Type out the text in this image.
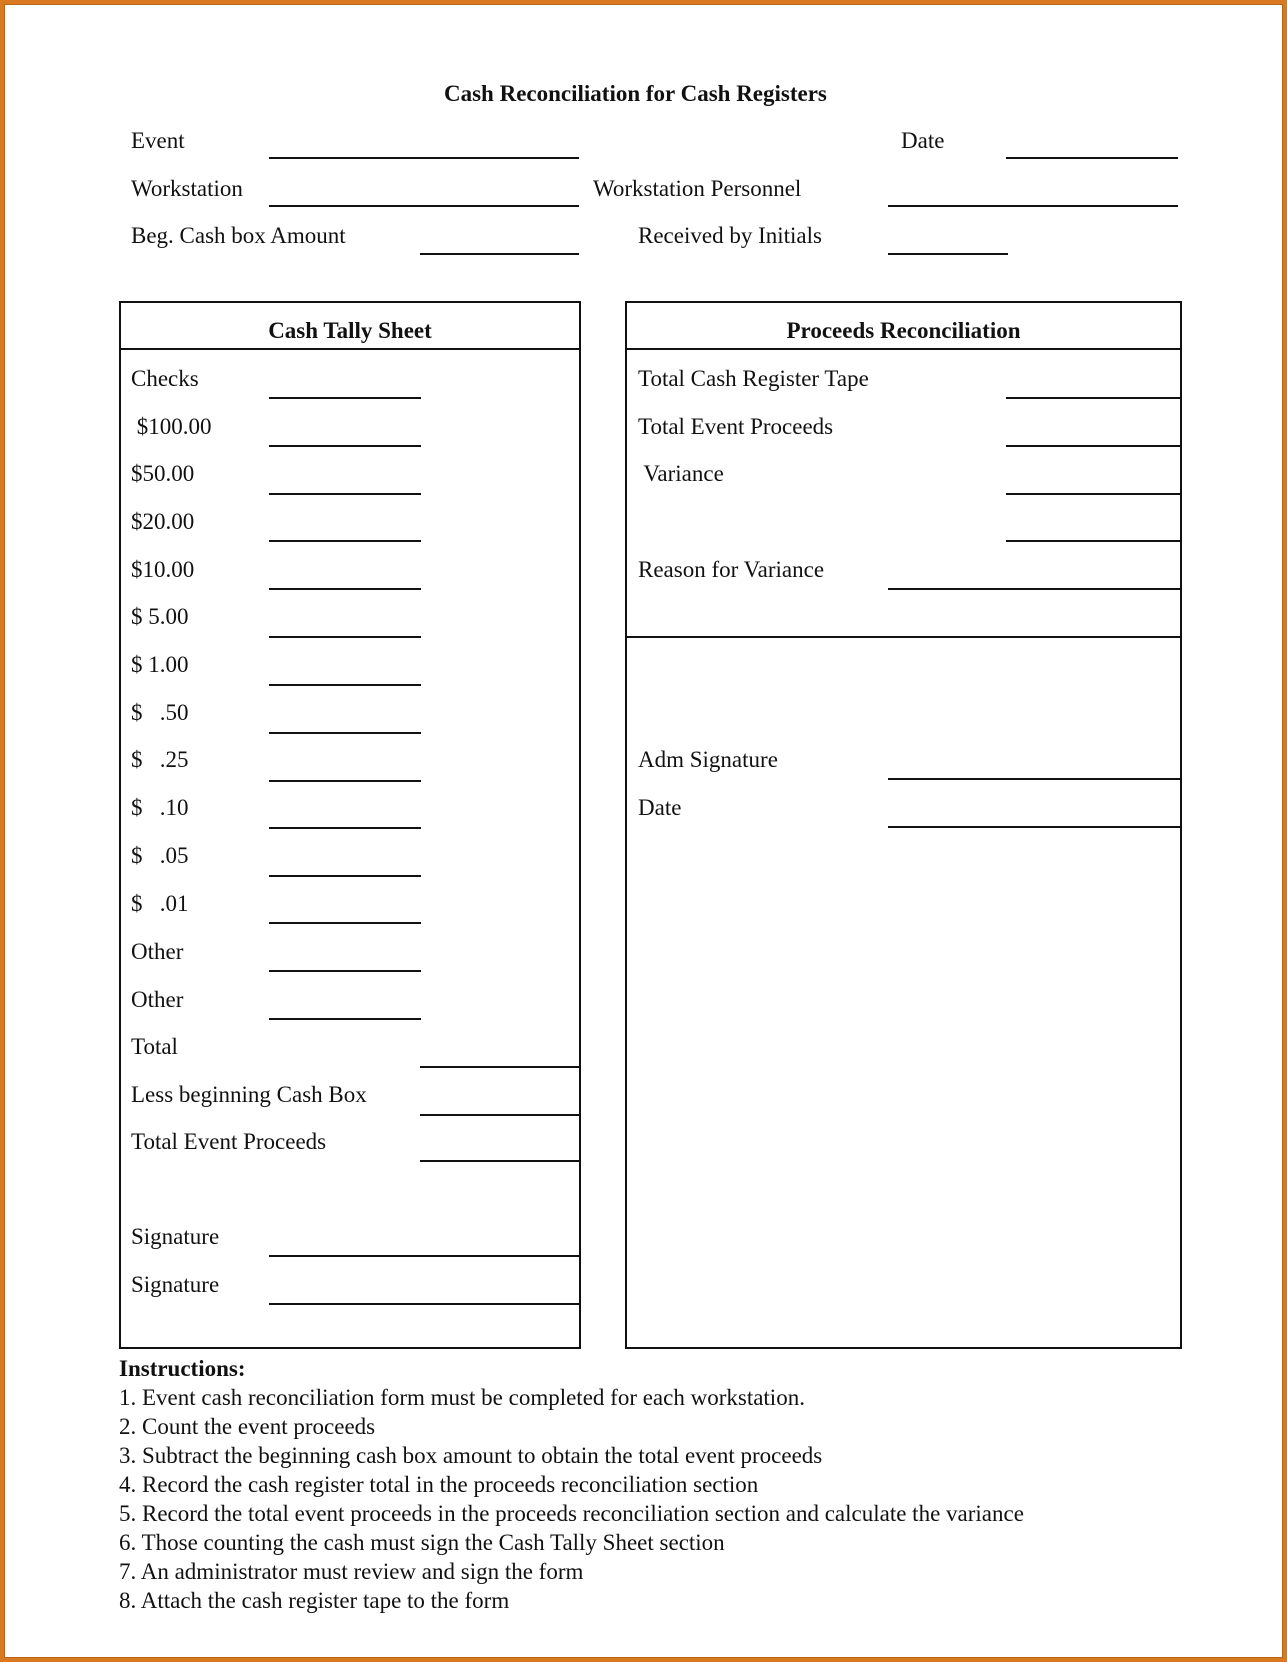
Cash Reconciliation for Cash Registers
Event	Date
Workstation	Workstation Personnel
Beg. Cash box Amount	Received by Initials
Cash Tally Sheet
Checks
$100.00
$50.00
$20.00
$10.00
$ 5.00
$ 1.00
$   .50
$   .25
$   .10
$   .05
$   .01
Other
Other
Total
Less beginning Cash Box
Total Event Proceeds
Signature
Signature
Proceeds Reconciliation
Total Cash Register Tape
Total Event Proceeds
Variance
Reason for Variance
Adm Signature
Date
Instructions:
1. Event cash reconciliation form must be completed for each workstation.
2. Count the event proceeds
3. Subtract the beginning cash box amount to obtain the total event proceeds
4. Record the cash register total in the proceeds reconciliation section
5. Record the total event proceeds in the proceeds reconciliation section and calculate the variance
6. Those counting the cash must sign the Cash Tally Sheet section
7. An administrator must review and sign the form
8. Attach the cash register tape to the form
